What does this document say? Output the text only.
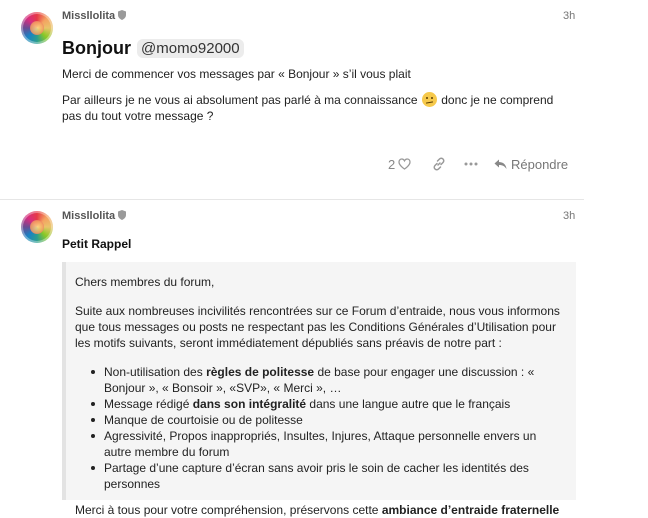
Missllolita	3h
Bonjour @momo92000
Merci de commencer vos messages par « Bonjour » s’il vous plait
Par ailleurs je ne vous ai absolument pas parlé à ma connaissance donc je ne comprend pas du tout votre message ?
2	Répondre
Missllolita	3h
Petit Rappel
Chers membres du forum,
Suite aux nombreuses incivilités rencontrées sur ce Forum d’entraide, nous vous informons que tous messages ou posts ne respectant pas les Conditions Générales d’Utilisation pour les motifs suivants, seront immédiatement dépubliés sans préavis de notre part :
Non-utilisation des règles de politesse de base pour engager une discussion : « Bonjour », « Bonsoir », «SVP», « Merci », …
Message rédigé dans son intégralité dans une langue autre que le français
Manque de courtoisie ou de politesse
Agressivité, Propos inappropriés, Insultes, Injures, Attaque personnelle envers un autre membre du forum
Partage d’une capture d’écran sans avoir pris le soin de cacher les identités des personnes
Merci à tous pour votre compréhension, préservons cette ambiance d’entraide fraternelle
